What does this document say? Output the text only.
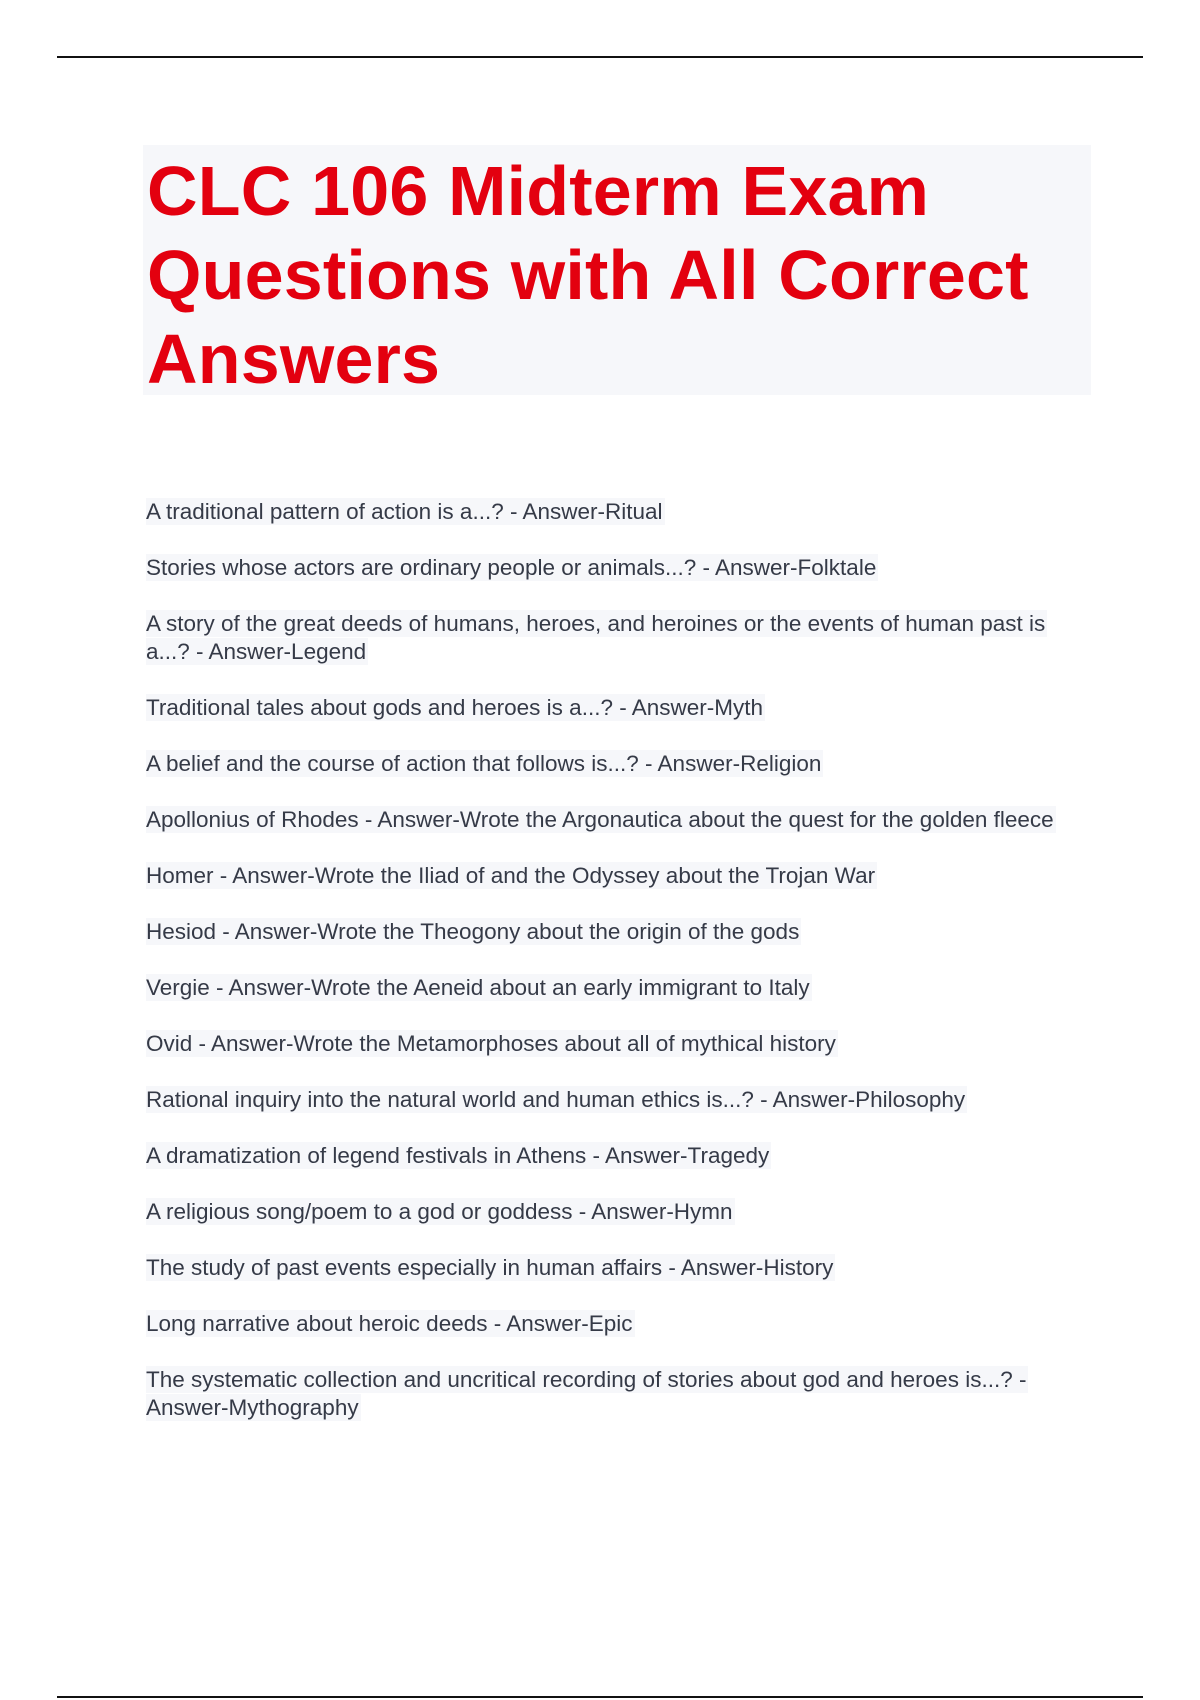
CLC 106 Midterm Exam Questions with All Correct Answers
A traditional pattern of action is a...? - Answer-Ritual
Stories whose actors are ordinary people or animals...? - Answer-Folktale
A story of the great deeds of humans, heroes, and heroines or the events of human past is a...? - Answer-Legend
Traditional tales about gods and heroes is a...? - Answer-Myth
A belief and the course of action that follows is...? - Answer-Religion
Apollonius of Rhodes - Answer-Wrote the Argonautica about the quest for the golden fleece
Homer - Answer-Wrote the Iliad of and the Odyssey about the Trojan War
Hesiod - Answer-Wrote the Theogony about the origin of the gods
Vergie - Answer-Wrote the Aeneid about an early immigrant to Italy
Ovid - Answer-Wrote the Metamorphoses about all of mythical history
Rational inquiry into the natural world and human ethics is...? - Answer-Philosophy
A dramatization of legend festivals in Athens - Answer-Tragedy
A religious song/poem to a god or goddess - Answer-Hymn
The study of past events especially in human affairs - Answer-History
Long narrative about heroic deeds - Answer-Epic
The systematic collection and uncritical recording of stories about god and heroes is...? - Answer-Mythography
